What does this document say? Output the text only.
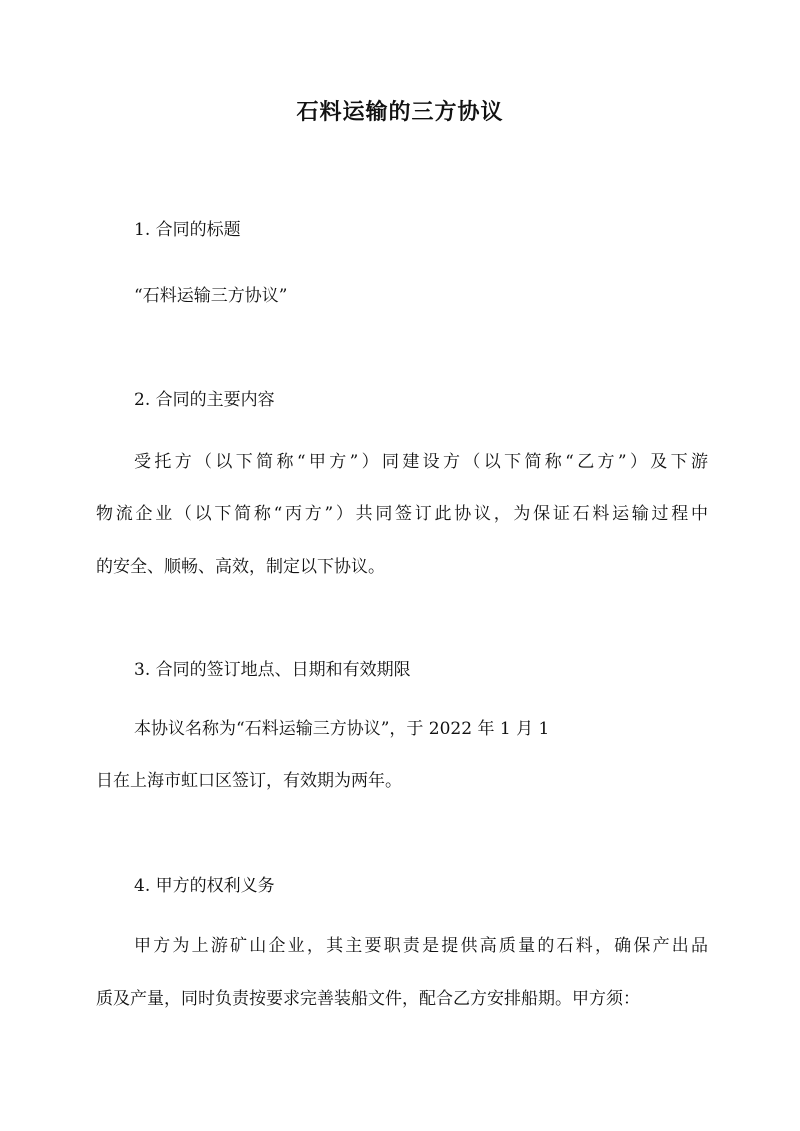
石料运输的三方协议
1. 合同的标题
“石料运输三方协议”
2. 合同的主要内容
受托方（以下简称“甲方”）同建设方（以下简称“乙方”）及下游
物流企业（以下简称“丙方”）共同签订此协议，为保证石料运输过程中
的安全、顺畅、高效，制定以下协议。
3. 合同的签订地点、日期和有效期限
本协议名称为“石料运输三方协议”，于 2022 年 1 月 1
日在上海市虹口区签订，有效期为两年。
4. 甲方的权利义务
甲方为上游矿山企业，其主要职责是提供高质量的石料，确保产出品
质及产量，同时负责按要求完善装船文件，配合乙方安排船期。甲方须：
